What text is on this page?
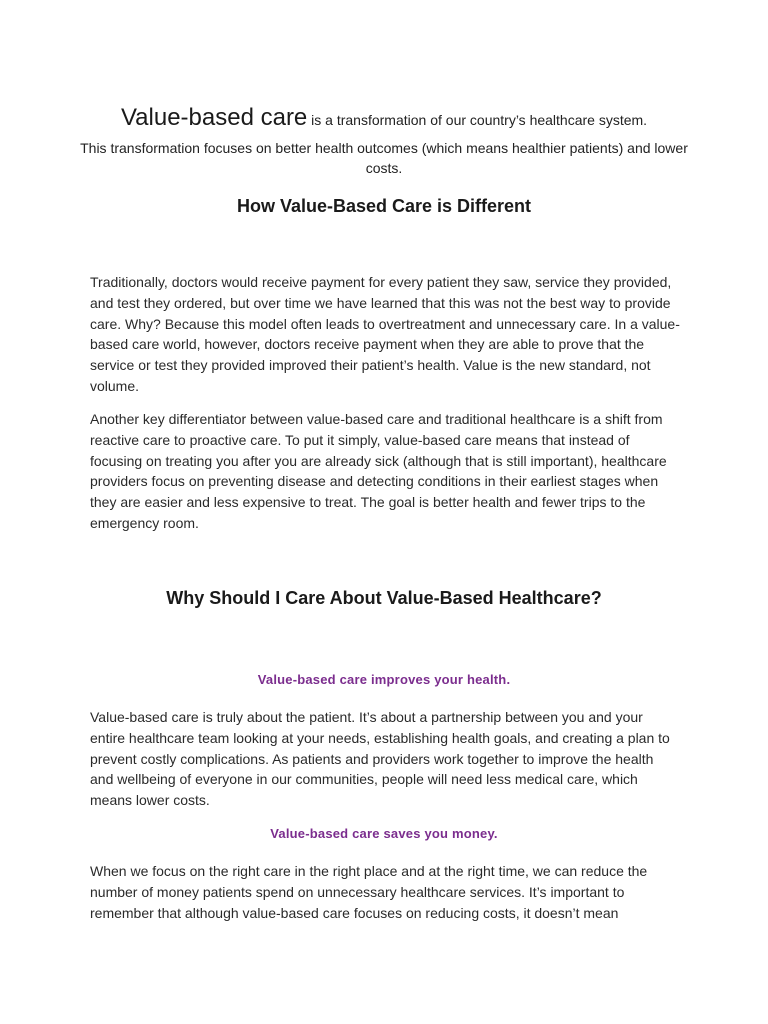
Value-based care is a transformation of our country’s healthcare system.
This transformation focuses on better health outcomes (which means healthier patients) and lower costs.
How Value-Based Care is Different

Traditionally, doctors would receive payment for every patient they saw, service they provided, and test they ordered, but over time we have learned that this was not the best way to provide care. Why? Because this model often leads to overtreatment and unnecessary care. In a value-based care world, however, doctors receive payment when they are able to prove that the service or test they provided improved their patient’s health. Value is the new standard, not volume.

Another key differentiator between value-based care and traditional healthcare is a shift from reactive care to proactive care. To put it simply, value-based care means that instead of focusing on treating you after you are already sick (although that is still important), healthcare providers focus on preventing disease and detecting conditions in their earliest stages when they are easier and less expensive to treat. The goal is better health and fewer trips to the emergency room.

Why Should I Care About Value-Based Healthcare?
Value-based care improves your health.

Value-based care is truly about the patient. It’s about a partnership between you and your entire healthcare team looking at your needs, establishing health goals, and creating a plan to prevent costly complications. As patients and providers work together to improve the health and wellbeing of everyone in our communities, people will need less medical care, which means lower costs.

Value-based care saves you money.

When we focus on the right care in the right place and at the right time, we can reduce the number of money patients spend on unnecessary healthcare services. It’s important to remember that although value-based care focuses on reducing costs, it doesn’t mean
